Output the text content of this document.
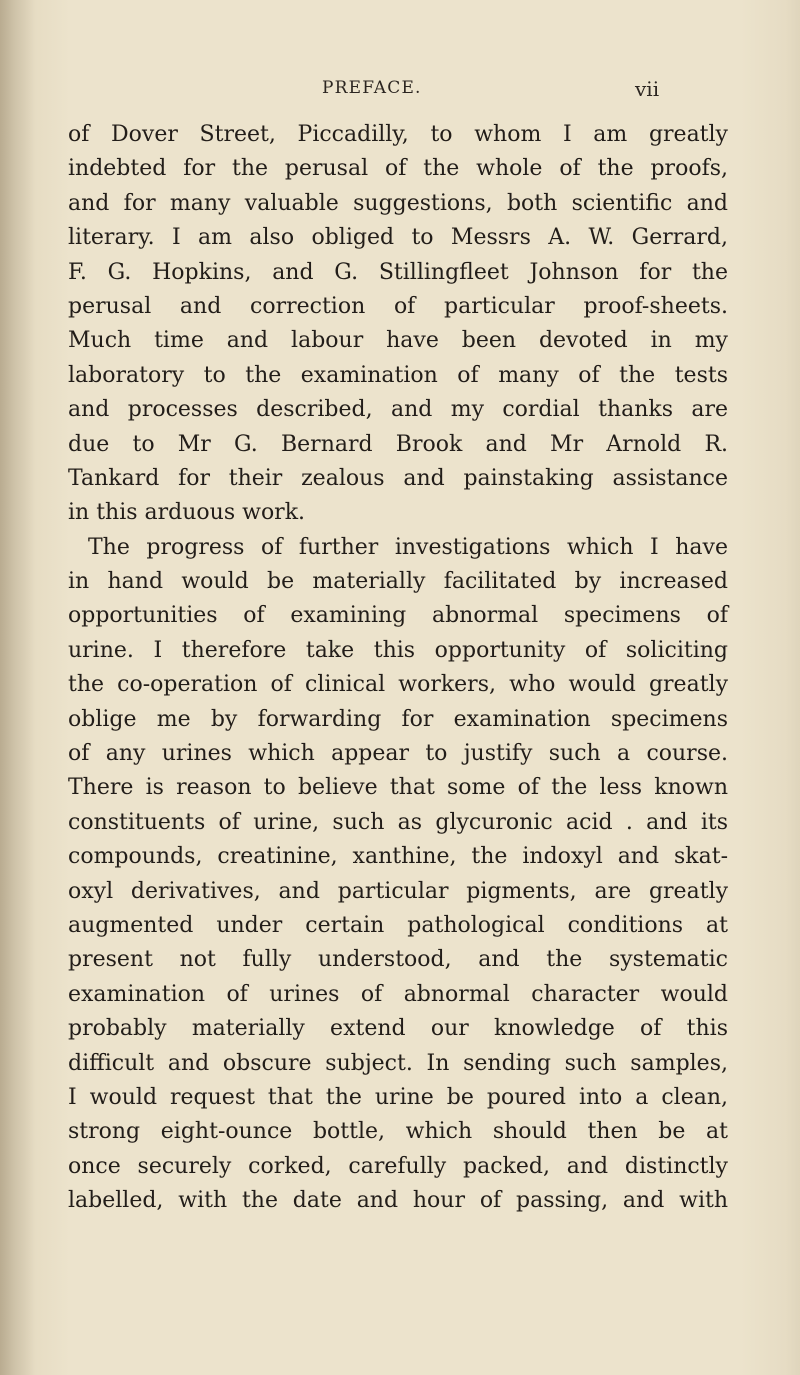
PREFACE.	vii
of Dover Street, Piccadilly, to whom I am greatly
indebted for the perusal of the whole of the proofs,
and for many valuable suggestions, both scientific and
literary. I am also obliged to Messrs A. W. Gerrard,
F. G. Hopkins, and G. Stillingfleet Johnson for the
perusal and correction of particular proof-sheets.
Much time and labour have been devoted in my
laboratory to the examination of many of the tests
and processes described, and my cordial thanks are
due to Mr G. Bernard Brook and Mr Arnold R.
Tankard for their zealous and painstaking assistance
in this arduous work.
The progress of further investigations which I have
in hand would be materially facilitated by increased
opportunities of examining abnormal specimens of
urine. I therefore take this opportunity of soliciting
the co-operation of clinical workers, who would greatly
oblige me by forwarding for examination specimens
of any urines which appear to justify such a course.
There is reason to believe that some of the less known
constituents of urine, such as glycuronic acid . and its
compounds, creatinine, xanthine, the indoxyl and skat-
oxyl derivatives, and particular pigments, are greatly
augmented under certain pathological conditions at
present not fully understood, and the systematic
examination of urines of abnormal character would
probably materially extend our knowledge of this
difficult and obscure subject. In sending such samples,
I would request that the urine be poured into a clean,
strong eight-ounce bottle, which should then be at
once securely corked, carefully packed, and distinctly
labelled, with the date and hour of passing, and with
